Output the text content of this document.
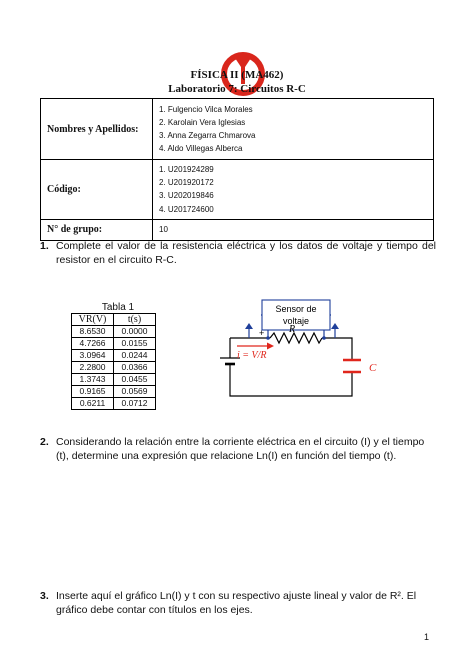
FÍSICA II (MA462)
Laboratorio 7: Circuitos R-C
Nombres y Apellidos:	1. Fulgencio Vilca Morales
2. Karolain Vera Iglesias
3. Anna Zegarra Chmarova
4. Aldo Villegas Alberca

Código:	1. U201924289
2. U201920172
3. U202019846
4. U201724600

N° de grupo:	10
1. Complete el valor de la resistencia eléctrica y los datos de voltaje y tiempo del resistor en el circuito R-C.
Tabla 1
VR(V)	t(s)
8.6530	0.0000
4.7266	0.0155
3.0964	0.0244
2.2800	0.0366
1.3743	0.0455
0.9165	0.0569
0.6211	0.0712
Sensor de
voltaje
+ R
C
i = V/R
2. Considerando la relación entre la corriente eléctrica en el circuito (I) y el tiempo (t), determine una expresión que relacione Ln(I) en función del tiempo (t).
3. Inserte aquí el gráfico Ln(I) y t con su respectivo ajuste lineal y valor de R². El gráfico debe contar con títulos en los ejes.
1
